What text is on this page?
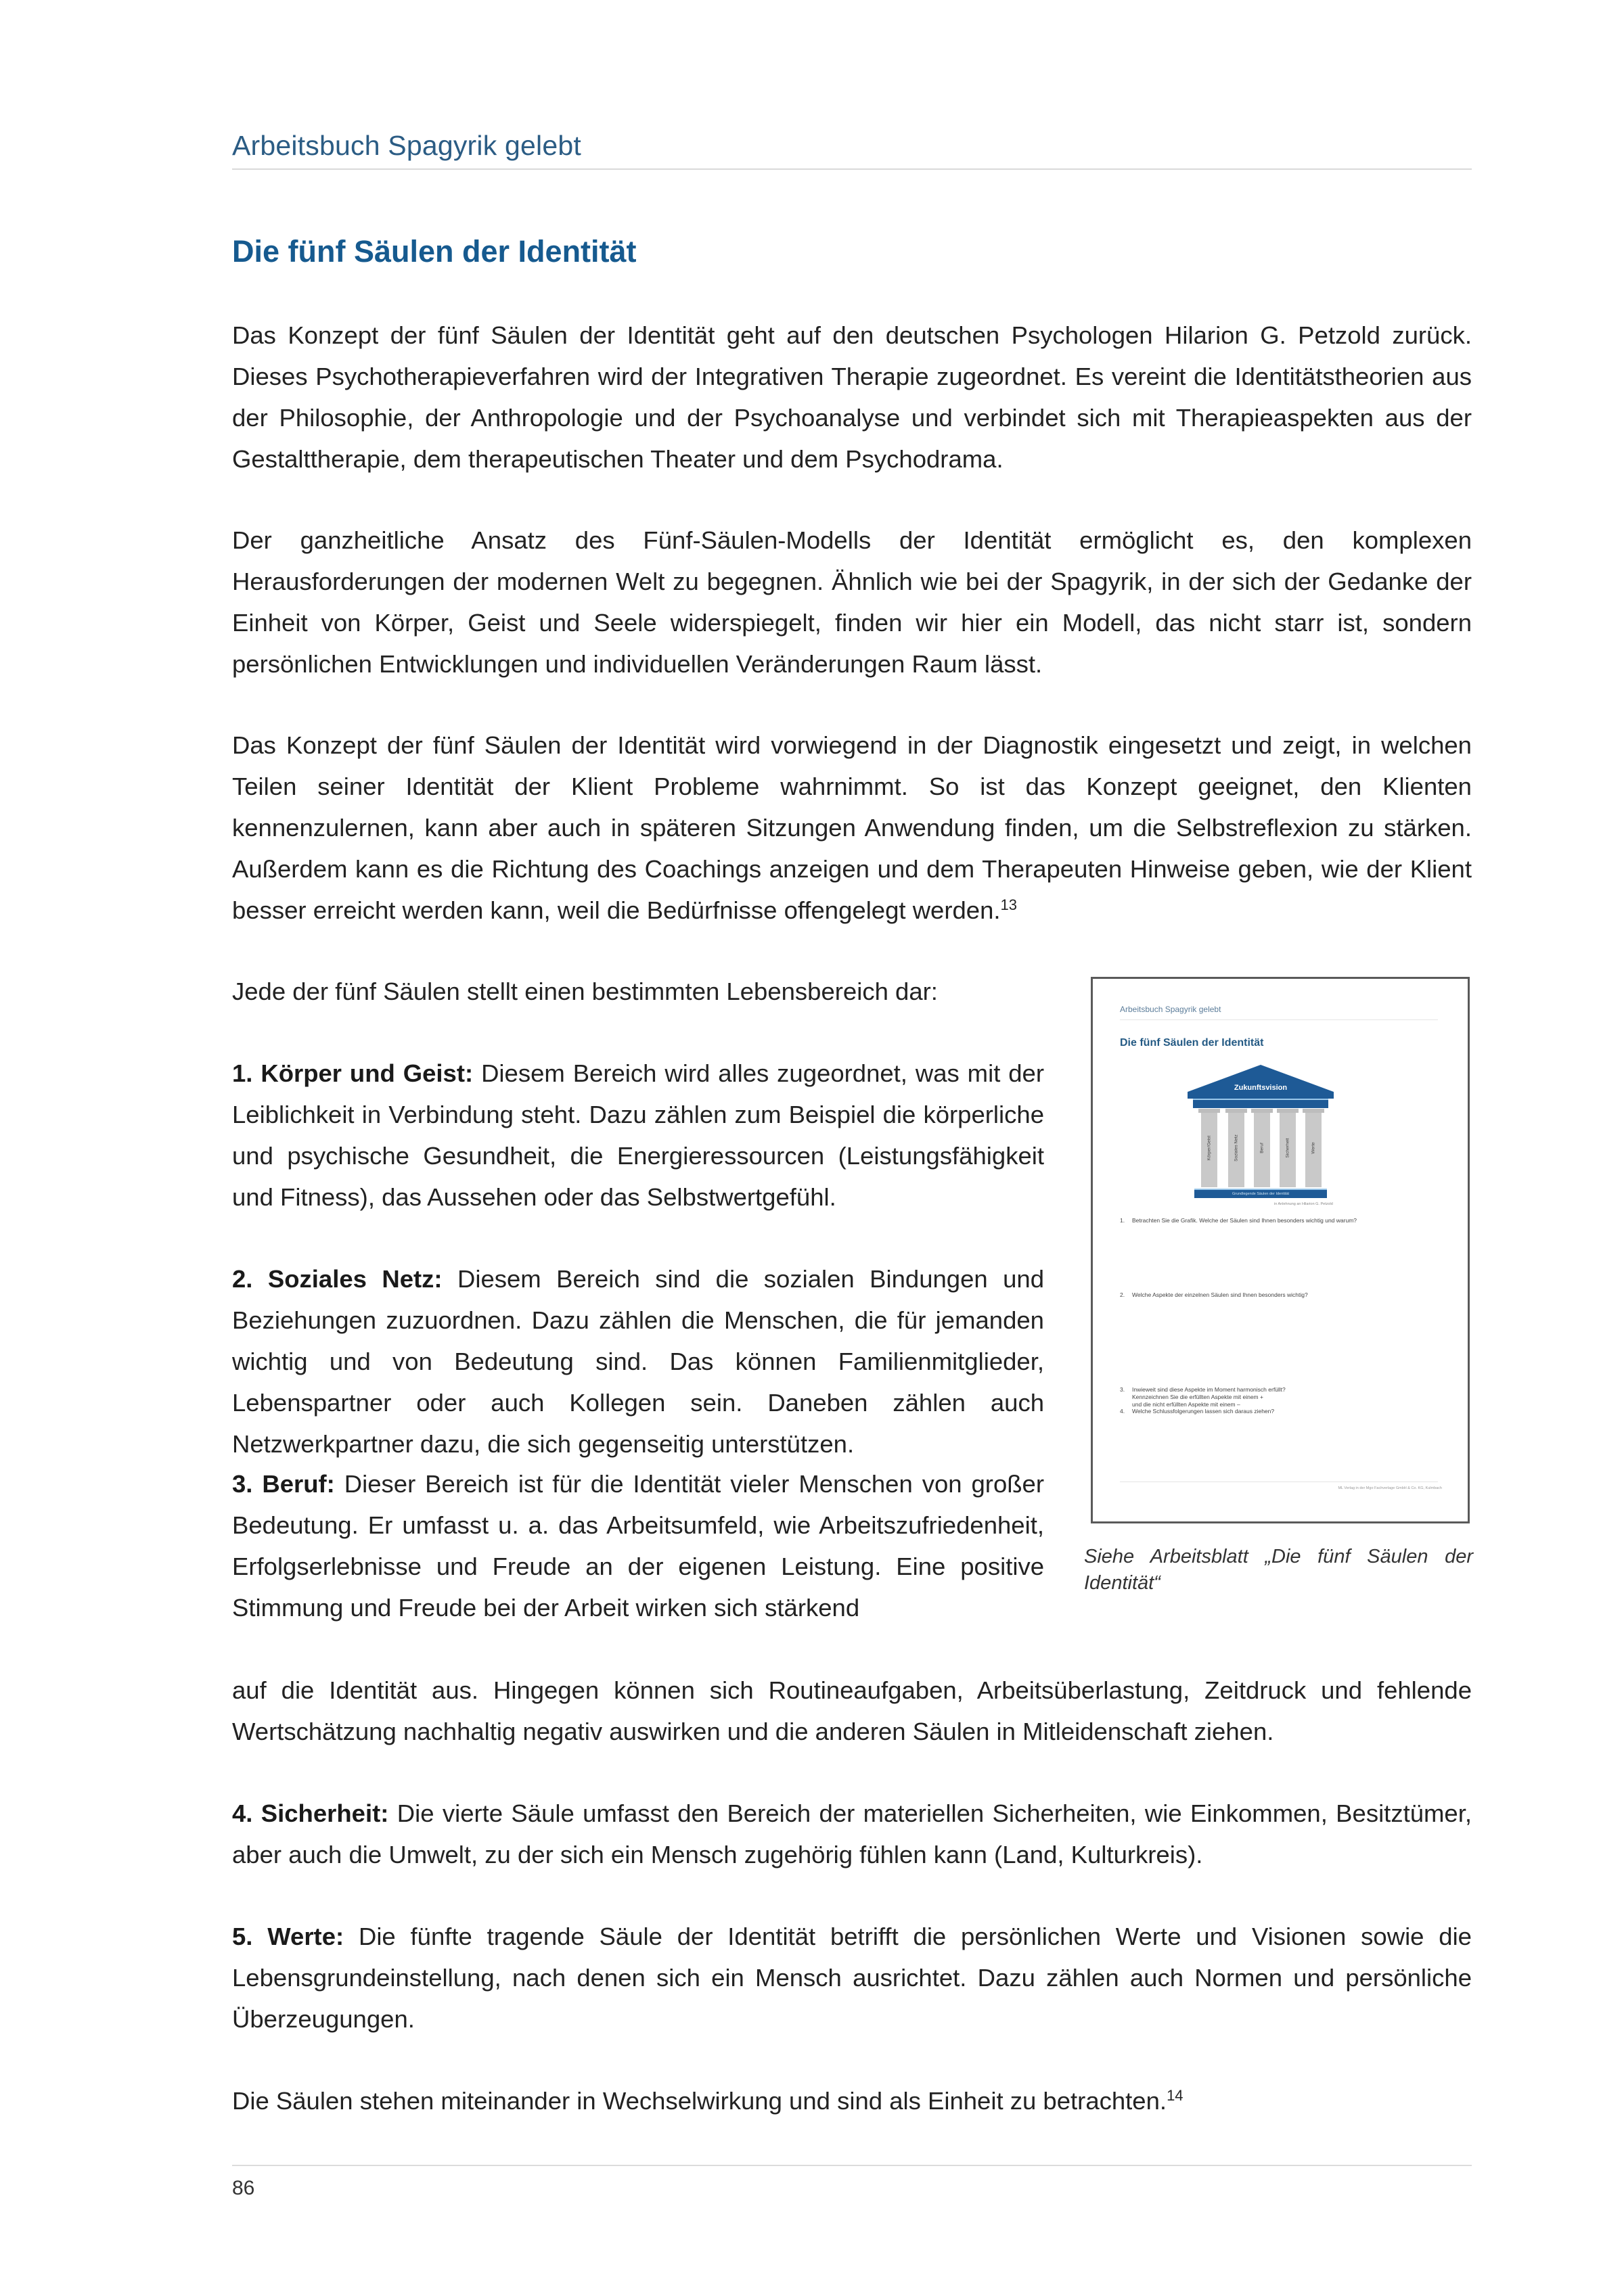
Arbeitsbuch Spagyrik gelebt
Die fünf Säulen der Identität

Das Konzept der fünf Säulen der Identität geht auf den deutschen Psychologen Hilarion G. Petzold zurück. Dieses Psychotherapieverfahren wird der Integrativen Therapie zugeordnet. Es vereint die Identitätstheorien aus der Philosophie, der Anthropologie und der Psychoanalyse und verbindet sich mit Therapieaspekten aus der Gestalttherapie, dem therapeutischen Theater und dem Psychodrama.

Der ganzheitliche Ansatz des Fünf-Säulen-Modells der Identität ermöglicht es, den komplexen Herausforderungen der modernen Welt zu begegnen. Ähnlich wie bei der Spagyrik, in der sich der Gedanke der Einheit von Körper, Geist und Seele widerspiegelt, finden wir hier ein Modell, das nicht starr ist, sondern persönlichen Entwicklungen und individuellen Veränderungen Raum lässt.

Das Konzept der fünf Säulen der Identität wird vorwiegend in der Diagnostik eingesetzt und zeigt, in welchen Teilen seiner Identität der Klient Probleme wahrnimmt. So ist das Konzept geeignet, den Klienten kennenzulernen, kann aber auch in späteren Sitzungen Anwendung finden, um die Selbstreflexion zu stärken. Außerdem kann es die Richtung des Coachings anzeigen und dem Therapeuten Hinweise geben, wie der Klient besser erreicht werden kann, weil die Bedürfnisse offengelegt werden.$^{13}$

Jede der fünf Säulen stellt einen bestimmten Lebensbereich dar:

1. Körper und Geist: Diesem Bereich wird alles zugeordnet, was mit der Leiblichkeit in Verbindung steht. Dazu zählen zum Beispiel die körperliche und psychische Gesundheit, die Energieressourcen (Leistungsfähigkeit und Fitness), das Aussehen oder das Selbstwertgefühl.

2. Soziales Netz: Diesem Bereich sind die sozialen Bindungen und Beziehungen zuzuordnen. Dazu zählen die Menschen, die für jemanden wichtig und von Bedeutung sind. Das können Familienmitglieder, Lebenspartner oder auch Kollegen sein. Daneben zählen auch Netzwerkpartner dazu, die sich gegenseitig unterstützen.

3. Beruf: Dieser Bereich ist für die Identität vieler Menschen von großer Bedeutung. Er umfasst u. a. das Arbeitsumfeld, wie Arbeitszufriedenheit, Erfolgserlebnisse und Freude an der eigenen Leistung. Eine positive Stimmung und Freude bei der Arbeit wirken sich stärkend

auf die Identität aus. Hingegen können sich Routineaufgaben, Arbeitsüberlastung, Zeitdruck und fehlende Wertschätzung nachhaltig negativ auswirken und die anderen Säulen in Mitleidenschaft ziehen.

4. Sicherheit: Die vierte Säule umfasst den Bereich der materiellen Sicherheiten, wie Einkommen, Besitztümer, aber auch die Umwelt, zu der sich ein Mensch zugehörig fühlen kann (Land, Kulturkreis).

5. Werte: Die fünfte tragende Säule der Identität betrifft die persönlichen Werte und Visionen sowie die Lebensgrundeinstellung, nach denen sich ein Mensch ausrichtet. Dazu zählen auch Normen und persönliche Überzeugungen.

Die Säulen stehen miteinander in Wechselwirkung und sind als Einheit zu betrachten.$^{14}$

Arbeitsbuch Spagyrik gelebt
Die fünf Säulen der Identität
Zukunftsvision
Körper/Geist	Soziales Netz	Beruf	Sicherheit	Werte
Grundlegende Säulen der Identität
in Anlehnung an Hilarion G. Petzold
1. Betrachten Sie die Grafik. Welche der Säulen sind Ihnen besonders wichtig und warum?
2. Welche Aspekte der einzelnen Säulen sind Ihnen besonders wichtig?
3. Inwieweit sind diese Aspekte im Moment harmonisch erfüllt?
Kennzeichnen Sie die erfüllten Aspekte mit einem +
und die nicht erfüllten Aspekte mit einem –
4. Welche Schlussfolgerungen lassen sich daraus ziehen?
ML Verlag in der Mgo Fachverlage GmbH & Co. KG, Kulmbach
Siehe Arbeitsblatt „Die fünf Säulen der Identität“
86
